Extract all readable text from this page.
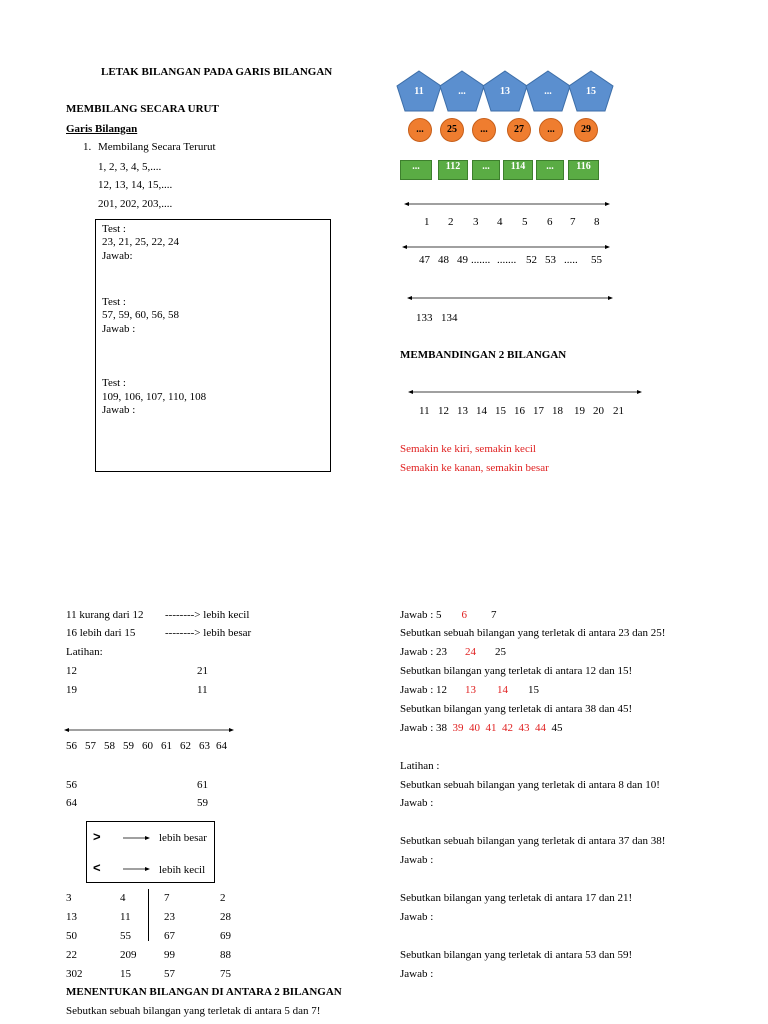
LETAK BILANGAN PADA GARIS BILANGAN
MEMBILANG SECARA URUT
Garis Bilangan
1. Membilang Secara Terurut
1, 2, 3, 4, 5,....
12, 13, 14, 15,....
201, 202, 203,....
Test :
23, 21, 25, 22, 24
Jawab:
Test :
57, 59, 60, 56, 58
Jawab :
Test :
109, 106, 107, 110, 108
Jawab :
11	...	13	...	15
...	25	...	27	...	29
...	112	...	114	...	116
1 2 3 4 5 6 7 8
47 48 49 ....... ....... 52 53 ..... 55
133 134
MEMBANDINGAN 2 BILANGAN
11 12 13 14 15 16 17 18 19 20 21
Semakin ke kiri, semakin kecil
Semakin ke kanan, semakin besar
11 kurang dari 12 --------> lebih kecil
16 lebih dari 15	--------> lebih besar
Latihan:
12	21
19	11
56 57 58 59 60 61 62 63 64
56	61
64	59
>	lebih besar
<	lebih kecil
3	4	7	2
13	11	23	28
50	55	67	69
22	209	99	88
302	15	57	75
MENENTUKAN BILANGAN DI ANTARA 2 BILANGAN
Sebutkan sebuah bilangan yang terletak di antara 5 dan 7!
Jawab : 5 6 7
Sebutkan sebuah bilangan yang terletak di antara 23 dan 25!
Jawab : 23 24 25
Sebutkan bilangan yang terletak di antara 12 dan 15!
Jawab : 12 13 14 15
Sebutkan bilangan yang terletak di antara 38 dan 45!
Jawab : 38 39  40  41  42  43  44 45
Latihan :
Sebutkan sebuah bilangan yang terletak di antara 8 dan 10!
Jawab :
Sebutkan sebuah bilangan yang terletak di antara 37 dan 38!
Jawab :
Sebutkan bilangan yang terletak di antara 17 dan 21!
Jawab :
Sebutkan bilangan yang terletak di antara 53 dan 59!
Jawab :
